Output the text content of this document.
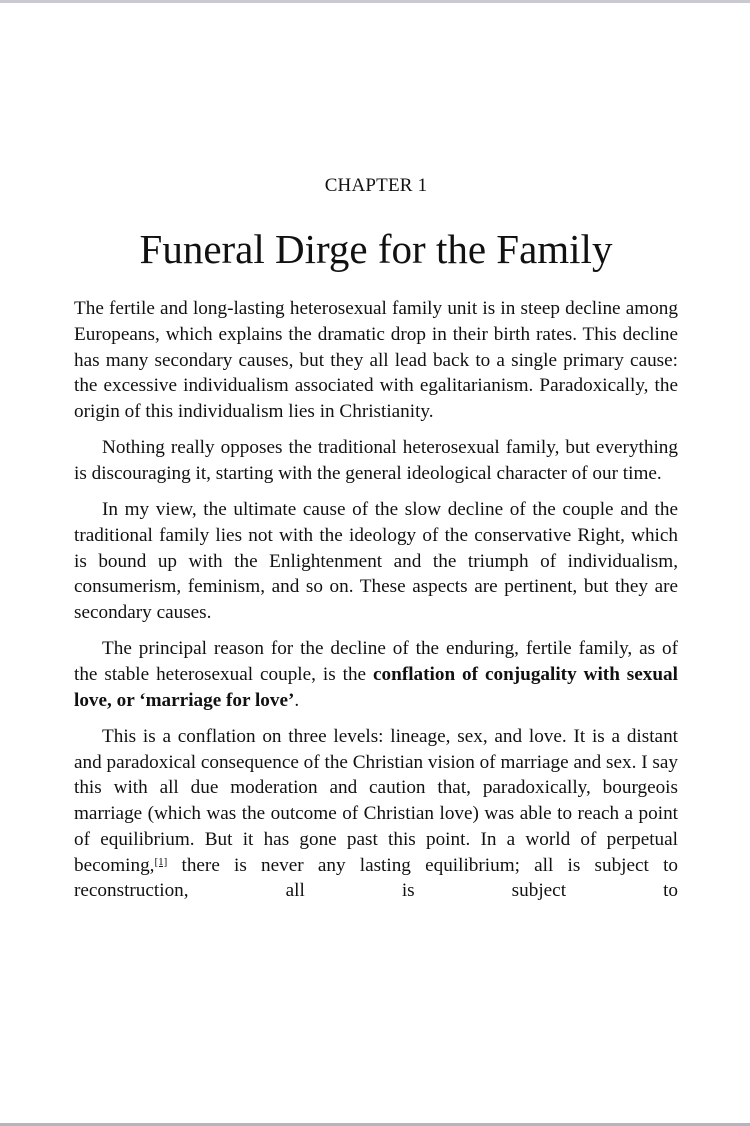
CHAPTER 1

Funeral Dirge for the Family

The fertile and long-lasting heterosexual family unit is in steep decline among Europeans, which explains the dramatic drop in their birth rates. This decline has many secondary causes, but they all lead back to a single primary cause: the excessive individualism associated with egalitarianism. Paradoxically, the origin of this individualism lies in Christianity.

Nothing really opposes the traditional heterosexual family, but everything is discouraging it, starting with the general ideological character of our time.

In my view, the ultimate cause of the slow decline of the couple and the traditional family lies not with the ideology of the conservative Right, which is bound up with the Enlightenment and the triumph of individualism, consumerism, feminism, and so on. These aspects are pertinent, but they are secondary causes.

The principal reason for the decline of the enduring, fertile family, as of the stable heterosexual couple, is the conflation of conjugality with sexual love, or ‘marriage for love’.

This is a conflation on three levels: lineage, sex, and love. It is a distant and paradoxical consequence of the Christian vision of marriage and sex. I say this with all due moderation and caution that, paradoxically, bourgeois marriage (which was the outcome of Christian love) was able to reach a point of equilibrium. But it has gone past this point. In a world of perpetual becoming,[1] there is never any lasting equilibrium; all is subject to reconstruction, all is subject to
